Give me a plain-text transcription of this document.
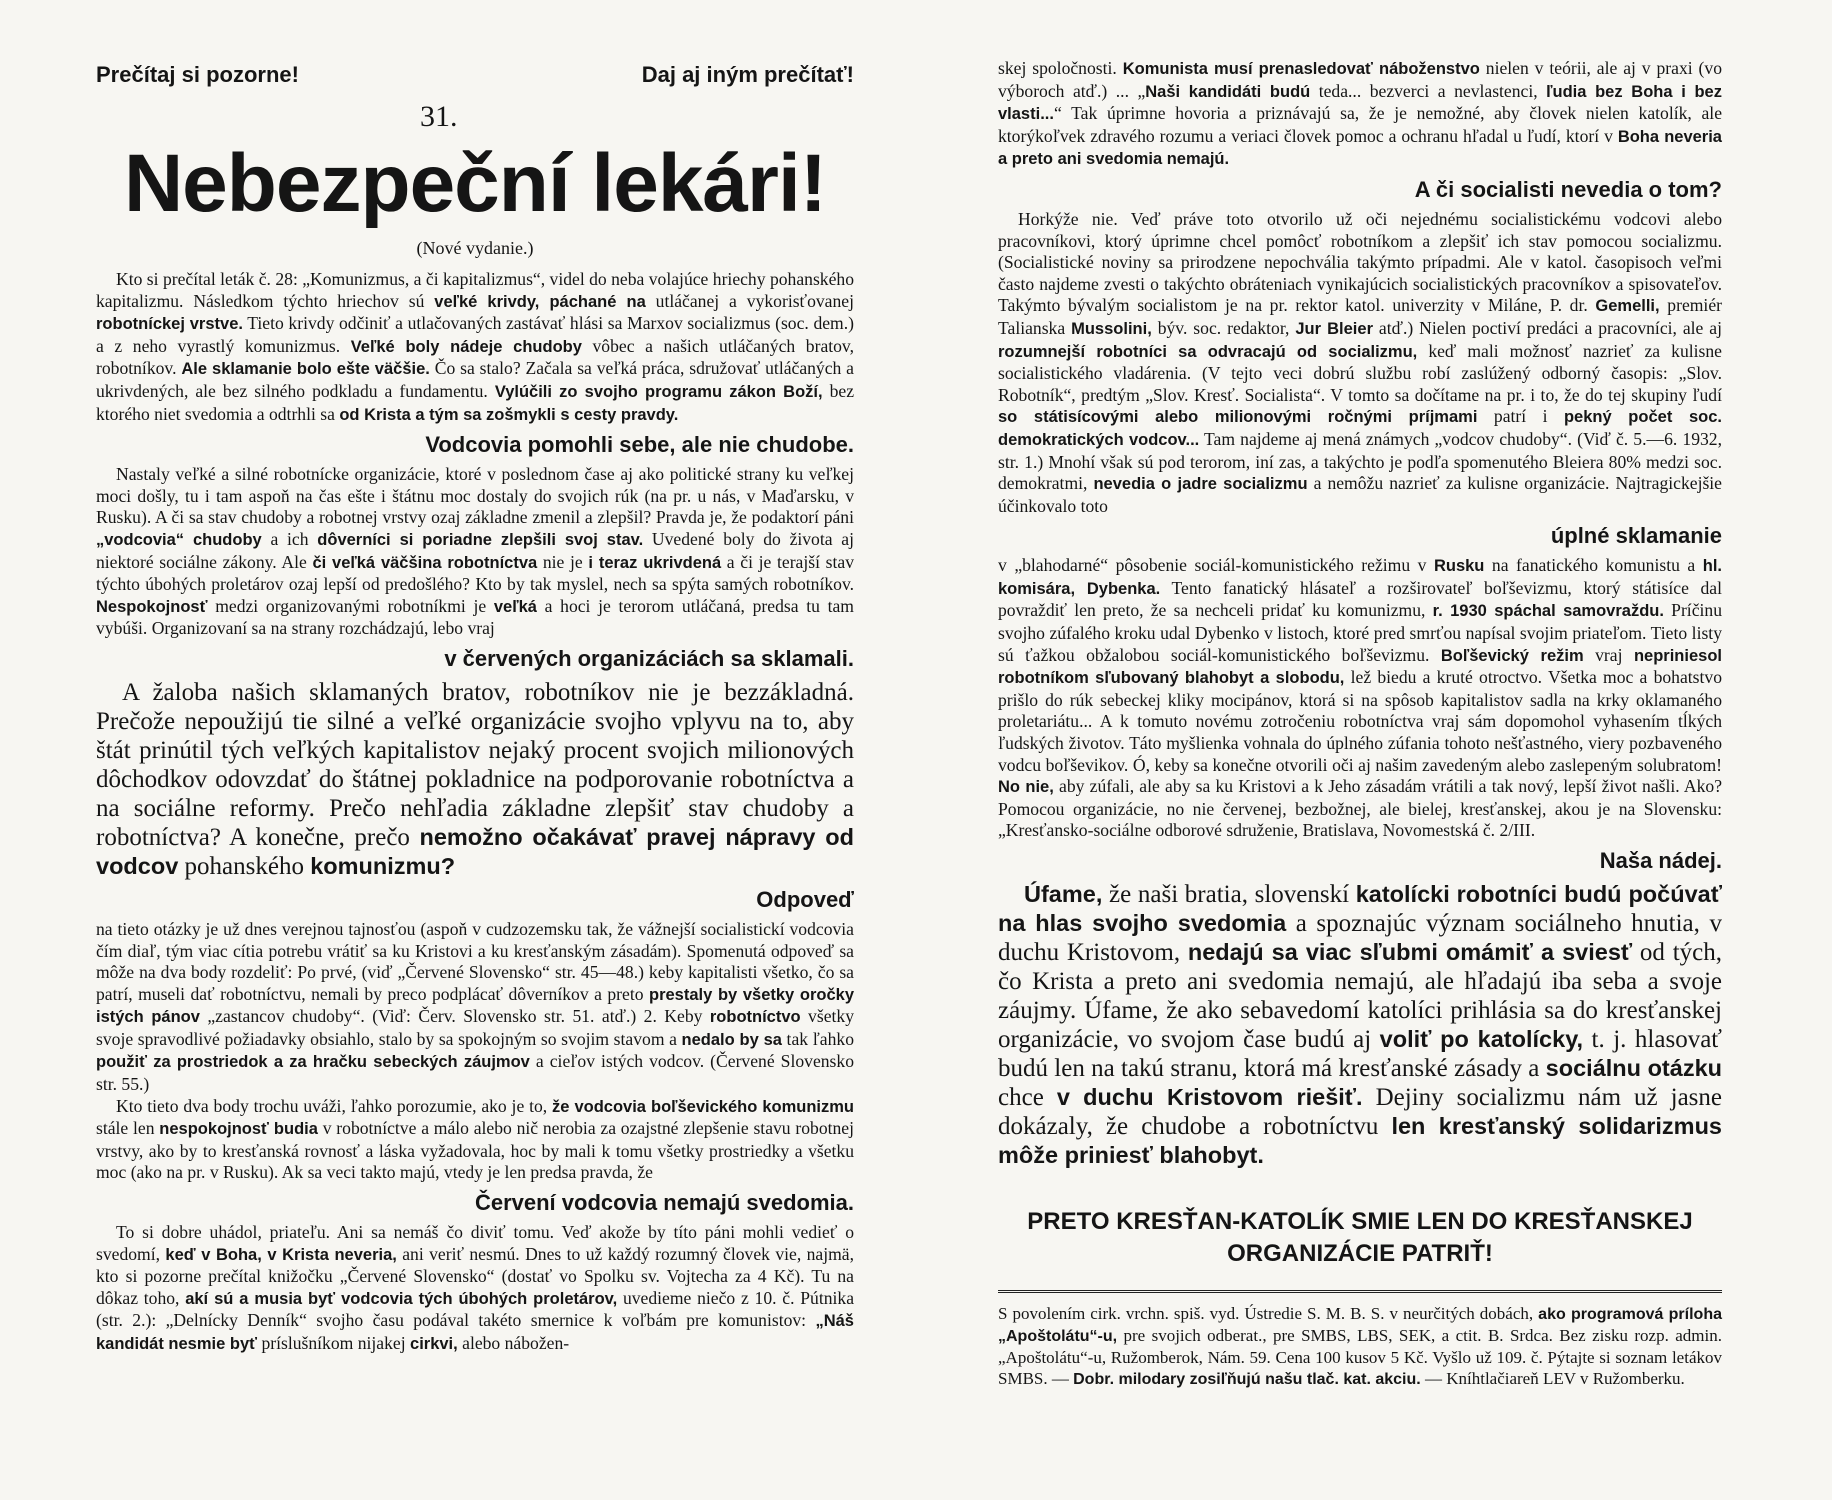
Prečítaj si pozorne!	Daj aj iným prečítať!
31.
Nebezpeční lekári!
(Nové vydanie.)

Kto si prečítal leták č. 28: „Komunizmus, a či kapitalizmus“, videl do neba volajúce hriechy pohanského kapitalizmu. Následkom týchto hriechov sú veľké krivdy, páchané na utláčanej a vykorisťovanej robotníckej vrstve. Tieto krivdy odčiniť a utlačovaných zastávať hlási sa Marxov socializmus (soc. dem.) a z neho vyrastlý komunizmus. Veľké boly nádeje chudoby vôbec a našich utláčaných bratov, robotníkov. Ale sklamanie bolo ešte väčšie. Čo sa stalo? Začala sa veľká práca, sdružovať utláčaných a ukrivdených, ale bez silného podkladu a fundamentu. Vylúčili zo svojho programu zákon Boží, bez ktorého niet svedomia a odtrhli sa od Krista a tým sa zošmykli s cesty pravdy.

Vodcovia pomohli sebe, ale nie chudobe.

Nastaly veľké a silné robotnícke organizácie, ktoré v poslednom čase aj ako politické strany ku veľkej moci došly, tu i tam aspoň na čas ešte i štátnu moc dostaly do svojich rúk (na pr. u nás, v Maďarsku, v Rusku). A či sa stav chudoby a robotnej vrstvy ozaj základne zmenil a zlepšil? Pravda je, že podaktorí páni „vodcovia“ chudoby a ich dôverníci si poriadne zlepšili svoj stav. Uvedené boly do života aj niektoré sociálne zákony. Ale či veľká väčšina robotníctva nie je i teraz ukrivdená a či je terajší stav týchto úbohých proletárov ozaj lepší od predošlého? Kto by tak myslel, nech sa spýta samých robotníkov. Nespokojnosť medzi organizovanými robotníkmi je veľká a hoci je terorom utláčaná, predsa tu tam vybúši. Organizovaní sa na strany rozchádzajú, lebo vraj

v červených organizáciách sa sklamali.

A žaloba našich sklamaných bratov, robotníkov nie je bezzákladná. Prečože nepoužijú tie silné a veľké organizácie svojho vplyvu na to, aby štát prinútil tých veľkých kapitalistov nejaký procent svojich milionových dôchodkov odovzdať do štátnej pokladnice na podporovanie robotníctva a na sociálne reformy. Prečo nehľadia základne zlepšiť stav chudoby a robotníctva? A konečne, prečo nemožno očakávať pravej nápravy od vodcov pohanského komunizmu?

Odpoveď

na tieto otázky je už dnes verejnou tajnosťou (aspoň v cudzozemsku tak, že vážnejší socialistickí vodcovia čím diaľ, tým viac cítia potrebu vrátiť sa ku Kristovi a ku kresťanským zásadám). Spomenutá odpoveď sa môže na dva body rozdeliť: Po prvé, (viď „Červené Slovensko“ str. 45—48.) keby kapitalisti všetko, čo sa patrí, museli dať robotníctvu, nemali by preco podplácať dôverníkov a preto prestaly by všetky oročky istých pánov „zastancov chudoby“. (Viď: Červ. Slovensko str. 51. atď.) 2. Keby robotníctvo všetky svoje spravodlivé požiadavky obsiahlo, stalo by sa spokojným so svojim stavom a nedalo by sa tak ľahko použiť za prostriedok a za hračku sebeckých záujmov a cieľov istých vodcov. (Červené Slovensko str. 55.)

Kto tieto dva body trochu uváži, ľahko porozumie, ako je to, že vodcovia boľševického komunizmu stále len nespokojnosť budia v robotníctve a málo alebo nič nerobia za ozajstné zlepšenie stavu robotnej vrstvy, ako by to kresťanská rovnosť a láska vyžadovala, hoc by mali k tomu všetky prostriedky a všetku moc (ako na pr. v Rusku). Ak sa veci takto majú, vtedy je len predsa pravda, že

Červení vodcovia nemajú svedomia.

To si dobre uhádol, priateľu. Ani sa nemáš čo diviť tomu. Veď akože by títo páni mohli vedieť o svedomí, keď v Boha, v Krista neveria, ani veriť nesmú. Dnes to už každý rozumný človek vie, najmä, kto si pozorne prečítal knižočku „Červené Slovensko“ (dostať vo Spolku sv. Vojtecha za 4 Kč). Tu na dôkaz toho, akí sú a musia byť vodcovia tých úbohých proletárov, uvedieme niečo z 10. č. Pútnika (str. 2.): „Delnícky Denník“ svojho času podával takéto smernice k voľbám pre komunistov: „Náš kandidát nesmie byť príslušníkom nijakej cirkvi, alebo nábožen-

skej spoločnosti. Komunista musí prenasledovať náboženstvo nielen v teórii, ale aj v praxi (vo výboroch atď.) ... „Naši kandidáti budú teda... bezverci a nevlastenci, ľudia bez Boha i bez vlasti...“ Tak úprimne hovoria a priznávajú sa, že je nemožné, aby človek nielen katolík, ale ktorýkoľvek zdravého rozumu a veriaci človek pomoc a ochranu hľadal u ľudí, ktorí v Boha neveria a preto ani svedomia nemajú.

A či socialisti nevedia o tom?

Horkýže nie. Veď práve toto otvorilo už oči nejednému socialistickému vodcovi alebo pracovníkovi, ktorý úprimne chcel pomôcť robotníkom a zlepšiť ich stav pomocou socializmu. (Socialistické noviny sa prirodzene nepochvália takýmto prípadmi. Ale v katol. časopisoch veľmi často najdeme zvesti o takýchto obráteniach vynikajúcich socialistických pracovníkov a spisovateľov. Takýmto bývalým socialistom je na pr. rektor katol. univerzity v Miláne, P. dr. Gemelli, premiér Talianska Mussolini, býv. soc. redaktor, Jur Bleier atď.) Nielen poctiví predáci a pracovníci, ale aj rozumnejší robotníci sa odvracajú od socializmu, keď mali možnosť nazrieť za kulisne socialistického vladárenia. (V tejto veci dobrú službu robí zaslúžený odborný časopis: „Slov. Robotník“, predtým „Slov. Kresť. Socialista“. V tomto sa dočítame na pr. i to, že do tej skupiny ľudí so státisícovými alebo milionovými ročnými príjmami patrí i pekný počet soc. demokratických vodcov... Tam najdeme aj mená známych „vodcov chudoby“. (Viď č. 5.—6. 1932, str. 1.) Mnohí však sú pod terorom, iní zas, a takýchto je podľa spomenutého Bleiera 80% medzi soc. demokratmi, nevedia o jadre socializmu a nemôžu nazrieť za kulisne organizácie. Najtragickejšie účinkovalo toto

úplné sklamanie

v „blahodarné“ pôsobenie sociál-komunistického režimu v Rusku na fanatického komunistu a hl. komisára, Dybenka. Tento fanatický hlásateľ a rozširovateľ boľševizmu, ktorý státisíce dal povraždiť len preto, že sa nechceli pridať ku komunizmu, r. 1930 spáchal samovraždu. Príčinu svojho zúfalého kroku udal Dybenko v listoch, ktoré pred smrťou napísal svojim priateľom. Tieto listy sú ťažkou obžalobou sociál-komunistického boľševizmu. Boľševický režim vraj nepriniesol robotníkom sľubovaný blahobyt a slobodu, lež biedu a kruté otroctvo. Všetka moc a bohatstvo prišlo do rúk sebeckej kliky mocipánov, ktorá si na spôsob kapitalistov sadla na krky oklamaného proletariátu... A k tomuto novému zotročeniu robotníctva vraj sám dopomohol vyhasením tĺkých ľudských životov. Táto myšlienka vohnala do úplného zúfania tohoto nešťastného, viery pozbaveného vodcu boľševikov. Ó, keby sa konečne otvorili oči aj našim zavedeným alebo zaslepeným solubratom! No nie, aby zúfali, ale aby sa ku Kristovi a k Jeho zásadám vrátili a tak nový, lepší život našli. Ako? Pomocou organizácie, no nie červenej, bezbožnej, ale bielej, kresťanskej, akou je na Slovensku: „Kresťansko-sociálne odborové sdruženie, Bratislava, Novomestská č. 2/III.

Naša nádej.

Úfame, že naši bratia, slovenskí katolícki robotníci budú počúvať na hlas svojho svedomia a spoznajúc význam sociálneho hnutia, v duchu Kristovom, nedajú sa viac sľubmi omámiť a sviesť od tých, čo Krista a preto ani svedomia nemajú, ale hľadajú iba seba a svoje záujmy. Úfame, že ako sebavedomí katolíci prihlásia sa do kresťanskej organizácie, vo svojom čase budú aj voliť po katolícky, t. j. hlasovať budú len na takú stranu, ktorá má kresťanské zásady a sociálnu otázku chce v duchu Kristovom riešiť. Dejiny socializmu nám už jasne dokázaly, že chudobe a robotníctvu len kresťanský solidarizmus môže priniesť blahobyt.

PRETO KRESŤAN-KATOLÍK SMIE LEN DO KRESŤANSKEJ
ORGANIZÁCIE PATRIŤ!

S povolením cirk. vrchn. spiš. vyd. Ústredie S. M. B. S. v neurčitých dobách, ako programová príloha „Apoštolátu“-u, pre svojich odberat., pre SMBS, LBS, SEK, a ctit. B. Srdca. Bez zisku rozp. admin. „Apoštolátu“-u, Ružomberok, Nám. 59. Cena 100 kusov 5 Kč. Vyšlo už 109. č. Pýtajte si soznam letákov SMBS. — Dobr. milodary zosiľňujú našu tlač. kat. akciu. — Kníhtlačiareň LEV v Ružomberku.
